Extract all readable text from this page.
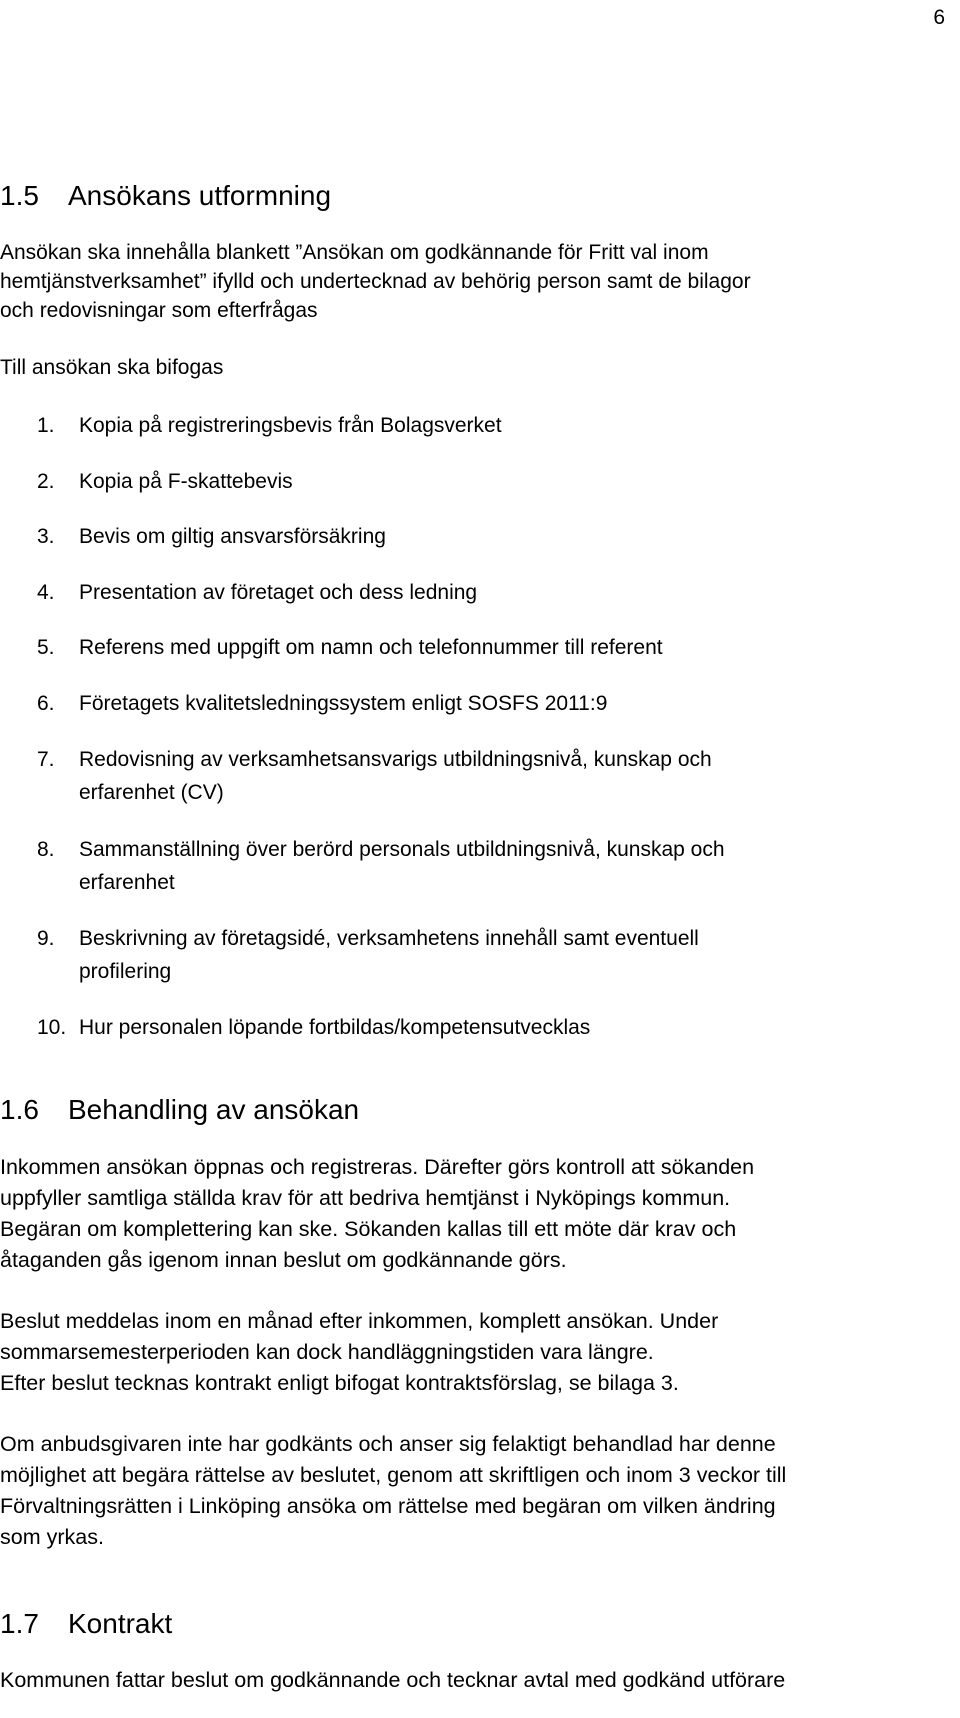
6
1.5 Ansökans utformning
Ansökan ska innehålla blankett ”Ansökan om godkännande för Fritt val inom
hemtjänstverksamhet” ifylld och undertecknad av behörig person samt de bilagor
och redovisningar som efterfrågas
Till ansökan ska bifogas
1. Kopia på registreringsbevis från Bolagsverket
2. Kopia på F-skattebevis
3. Bevis om giltig ansvarsförsäkring
4. Presentation av företaget och dess ledning
5. Referens med uppgift om namn och telefonnummer till referent
6. Företagets kvalitetsledningssystem enligt SOSFS 2011:9
7. Redovisning av verksamhetsansvarigs utbildningsnivå, kunskap och
erfarenhet (CV)
8. Sammanställning över berörd personals utbildningsnivå, kunskap och
erfarenhet
9. Beskrivning av företagsidé, verksamhetens innehåll samt eventuell
profilering
10. Hur personalen löpande fortbildas/kompetensutvecklas
1.6 Behandling av ansökan
Inkommen ansökan öppnas och registreras. Därefter görs kontroll att sökanden
uppfyller samtliga ställda krav för att bedriva hemtjänst i Nyköpings kommun.
Begäran om komplettering kan ske. Sökanden kallas till ett möte där krav och
åtaganden gås igenom innan beslut om godkännande görs.
Beslut meddelas inom en månad efter inkommen, komplett ansökan. Under
sommarsemesterperioden kan dock handläggningstiden vara längre.
Efter beslut tecknas kontrakt enligt bifogat kontraktsförslag, se bilaga 3.
Om anbudsgivaren inte har godkänts och anser sig felaktigt behandlad har denne
möjlighet att begära rättelse av beslutet, genom att skriftligen och inom 3 veckor till
Förvaltningsrätten i Linköping ansöka om rättelse med begäran om vilken ändring
som yrkas.
1.7 Kontrakt
Kommunen fattar beslut om godkännande och tecknar avtal med godkänd utförare
